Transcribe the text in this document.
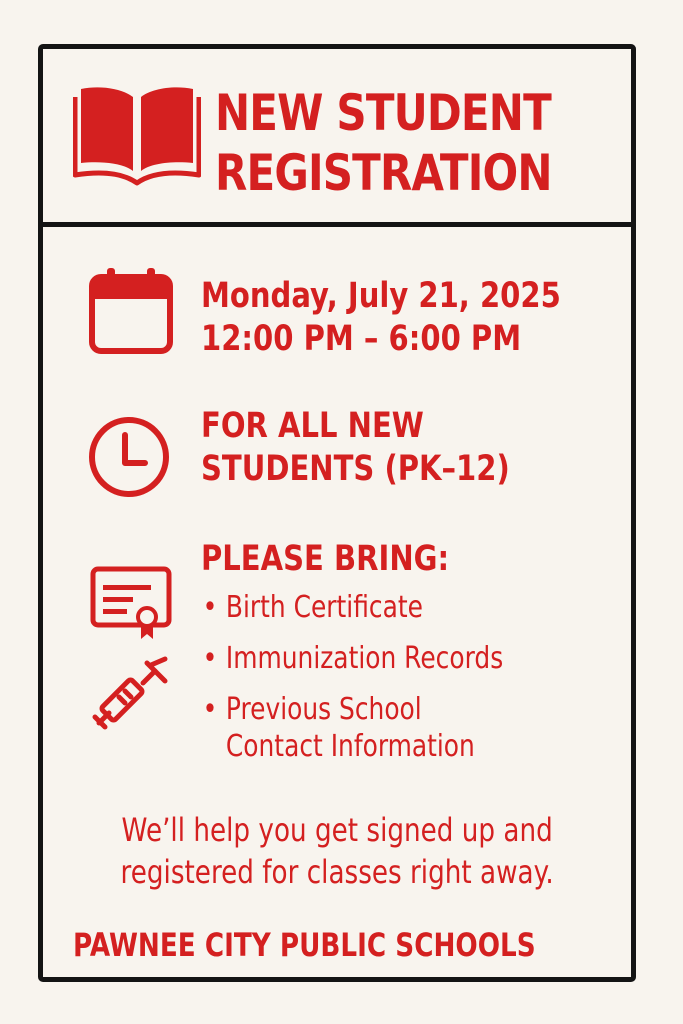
NEW STUDENT
REGISTRATION
Monday, July 21, 2025
12:00 PM – 6:00 PM
FOR ALL NEW
STUDENTS (PK–12)
PLEASE BRING:
• Birth Certificate
• Immunization Records
• Previous School
Contact Information
We’ll help you get signed up and
registered for classes right away.
PAWNEE CITY PUBLIC SCHOOLS
